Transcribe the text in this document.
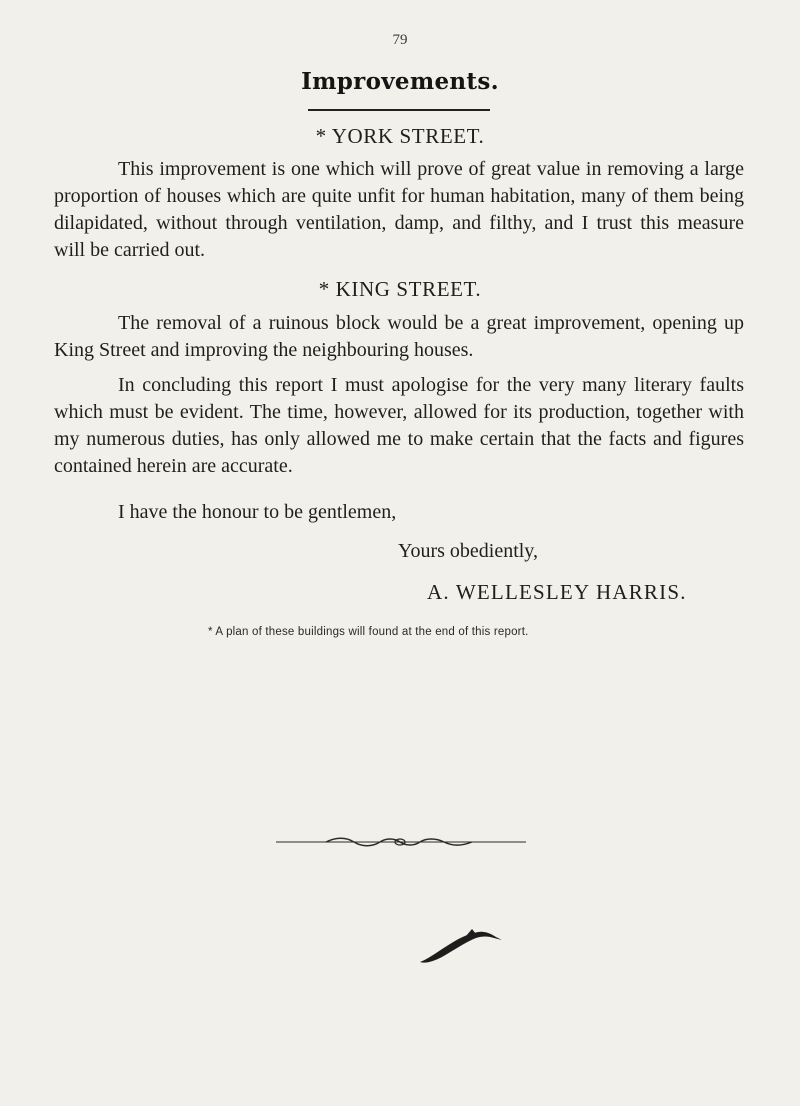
79
Improvements.
* YORK STREET.
This improvement is one which will prove of great value in removing a large proportion of houses which are quite unfit for human habitation, many of them being dilapidated, without through ventilation, damp, and filthy, and I trust this measure will be carried out.
* KING STREET.
The removal of a ruinous block would be a great improvement, opening up King Street and improving the neighbouring houses.
In concluding this report I must apologise for the very many literary faults which must be evident. The time, however, allowed for its production, together with my numerous duties, has only allowed me to make certain that the facts and figures contained herein are accurate.
I have the honour to be gentlemen,
Yours obediently,
A. WELLESLEY HARRIS.
* A plan of these buildings will found at the end of this report.
